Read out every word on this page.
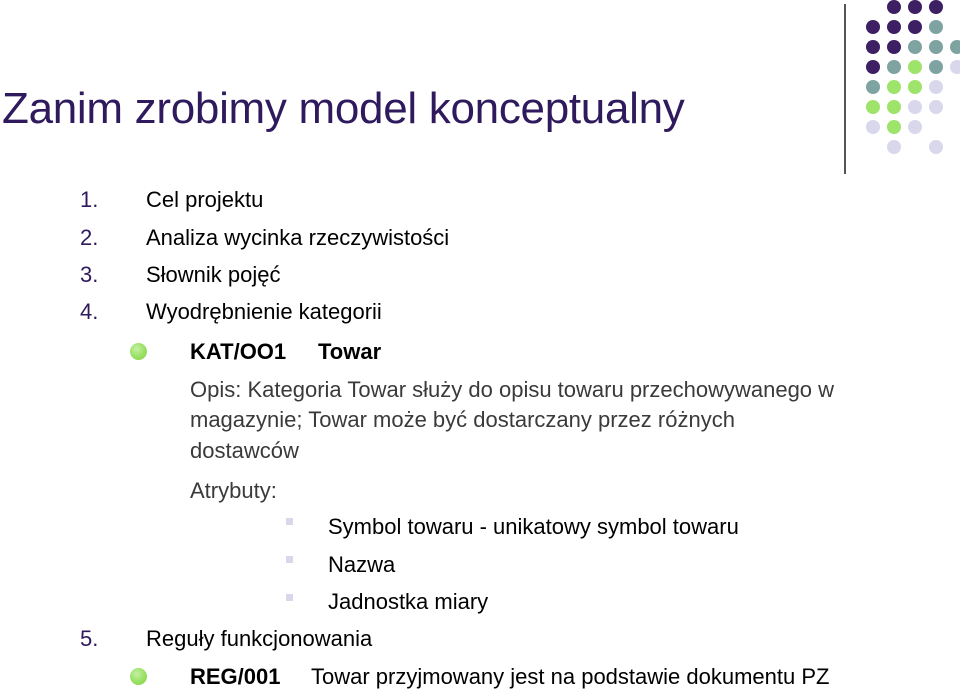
Zanim zrobimy model konceptualny
1. Cel projektu
2. Analiza wycinka rzeczywistości
3. Słownik pojęć
4. Wyodrębnienie kategorii
KAT/OO1 Towar
Opis: Kategoria Towar służy do opisu towaru przechowywanego w
magazynie; Towar może być dostarczany przez różnych
dostawców
Atrybuty:
Symbol towaru - unikatowy symbol towaru
Nazwa
Jadnostka miary
5. Reguły funkcjonowania
REG/001 Towar przyjmowany jest na podstawie dokumentu PZ
